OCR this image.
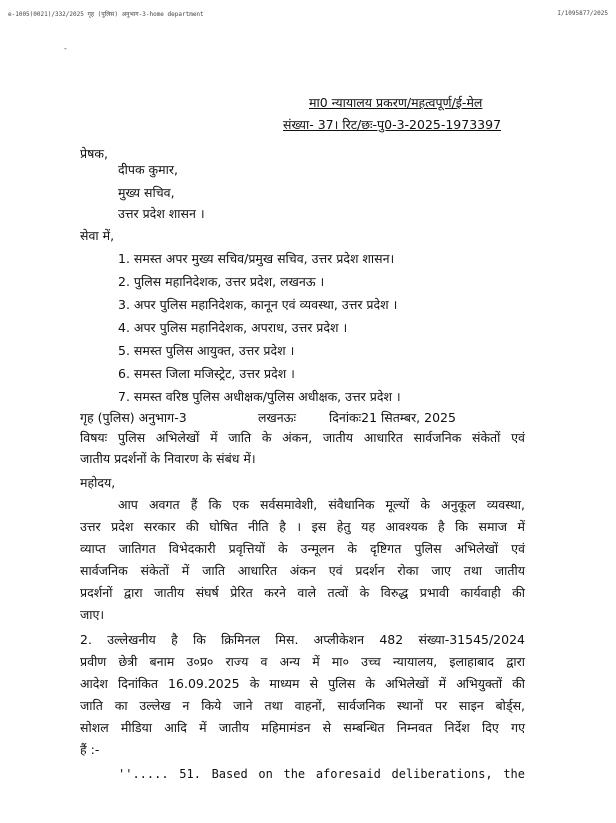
e-1005(0021)/332/2025 गृह (पुलिस) अनुभाग-3-home department	I/1095877/2025
-
मा0 न्यायालय प्रकरण/महत्वपूर्ण/ई-मेल
संख्या- 37। रिट/छः-पु0-3-2025-1973397
प्रेषक,
दीपक कुमार,
मुख्य सचिव,
उत्तर प्रदेश शासन ।
सेवा में,
1. समस्त अपर मुख्य सचिव/प्रमुख सचिव, उत्तर प्रदेश शासन।
2. पुलिस महानिदेशक, उत्तर प्रदेश, लखनऊ ।
3. अपर पुलिस महानिदेशक, कानून एवं व्यवस्था, उत्तर प्रदेश ।
4. अपर पुलिस महानिदेशक, अपराध, उत्तर प्रदेश ।
5. समस्त पुलिस आयुक्त, उत्तर प्रदेश ।
6. समस्त जिला मजिस्ट्रेट, उत्तर प्रदेश ।
7. समस्त वरिष्ठ पुलिस अधीक्षक/पुलिस अधीक्षक, उत्तर प्रदेश ।
गृह (पुलिस) अनुभाग-3	लखनऊः	दिनांकः21 सितम्बर, 2025
विषयः पुलिस अभिलेखों में जाति के अंकन, जातीय आधारित सार्वजनिक संकेतों एवं
जातीय प्रदर्शनों के निवारण के संबंध में।
महोदय,
आप अवगत हैं कि एक सर्वसमावेशी, संवैधानिक मूल्यों के अनुकूल व्यवस्था,
उत्तर प्रदेश सरकार की घोषित नीति है । इस हेतु यह आवश्यक है कि समाज में
व्याप्त जातिगत विभेदकारी प्रवृत्तियों के उन्मूलन के दृष्टिगत पुलिस अभिलेखों एवं
सार्वजनिक संकेतों में जाति आधारित अंकन एवं प्रदर्शन रोका जाए तथा जातीय
प्रदर्शनों द्वारा जातीय संघर्ष प्रेरित करने वाले तत्वों के विरुद्ध प्रभावी कार्यवाही की
जाए।
2. उल्लेखनीय है कि क्रिमिनल मिस. अप्लीकेशन 482 संख्या-31545/2024
प्रवीण छेत्री बनाम उ०प्र० राज्य व अन्य में मा० उच्च न्यायालय, इलाहाबाद द्वारा
आदेश दिनांकित 16.09.2025 के माध्यम से पुलिस के अभिलेखों में अभियुक्तों की
जाति का उल्लेख न किये जाने तथा वाहनों, सार्वजनिक स्थानों पर साइन बोर्ड्स,
सोशल मीडिया आदि में जातीय महिमामंडन से सम्बन्धित निम्नवत निर्देश दिए गए
हैं :-
''..... 51. Based on the aforesaid deliberations, the
